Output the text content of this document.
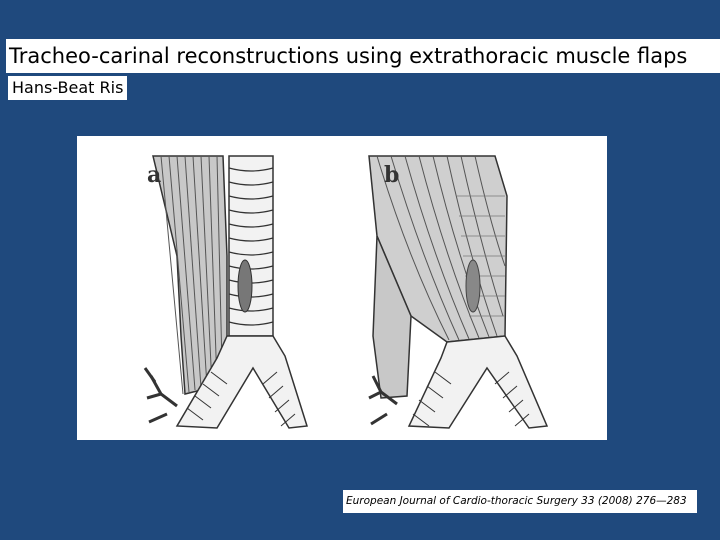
Tracheo-carinal reconstructions using extrathoracic muscle flaps
Hans-Beat Ris
a	b
European Journal of Cardio-thoracic Surgery 33 (2008) 276—283
